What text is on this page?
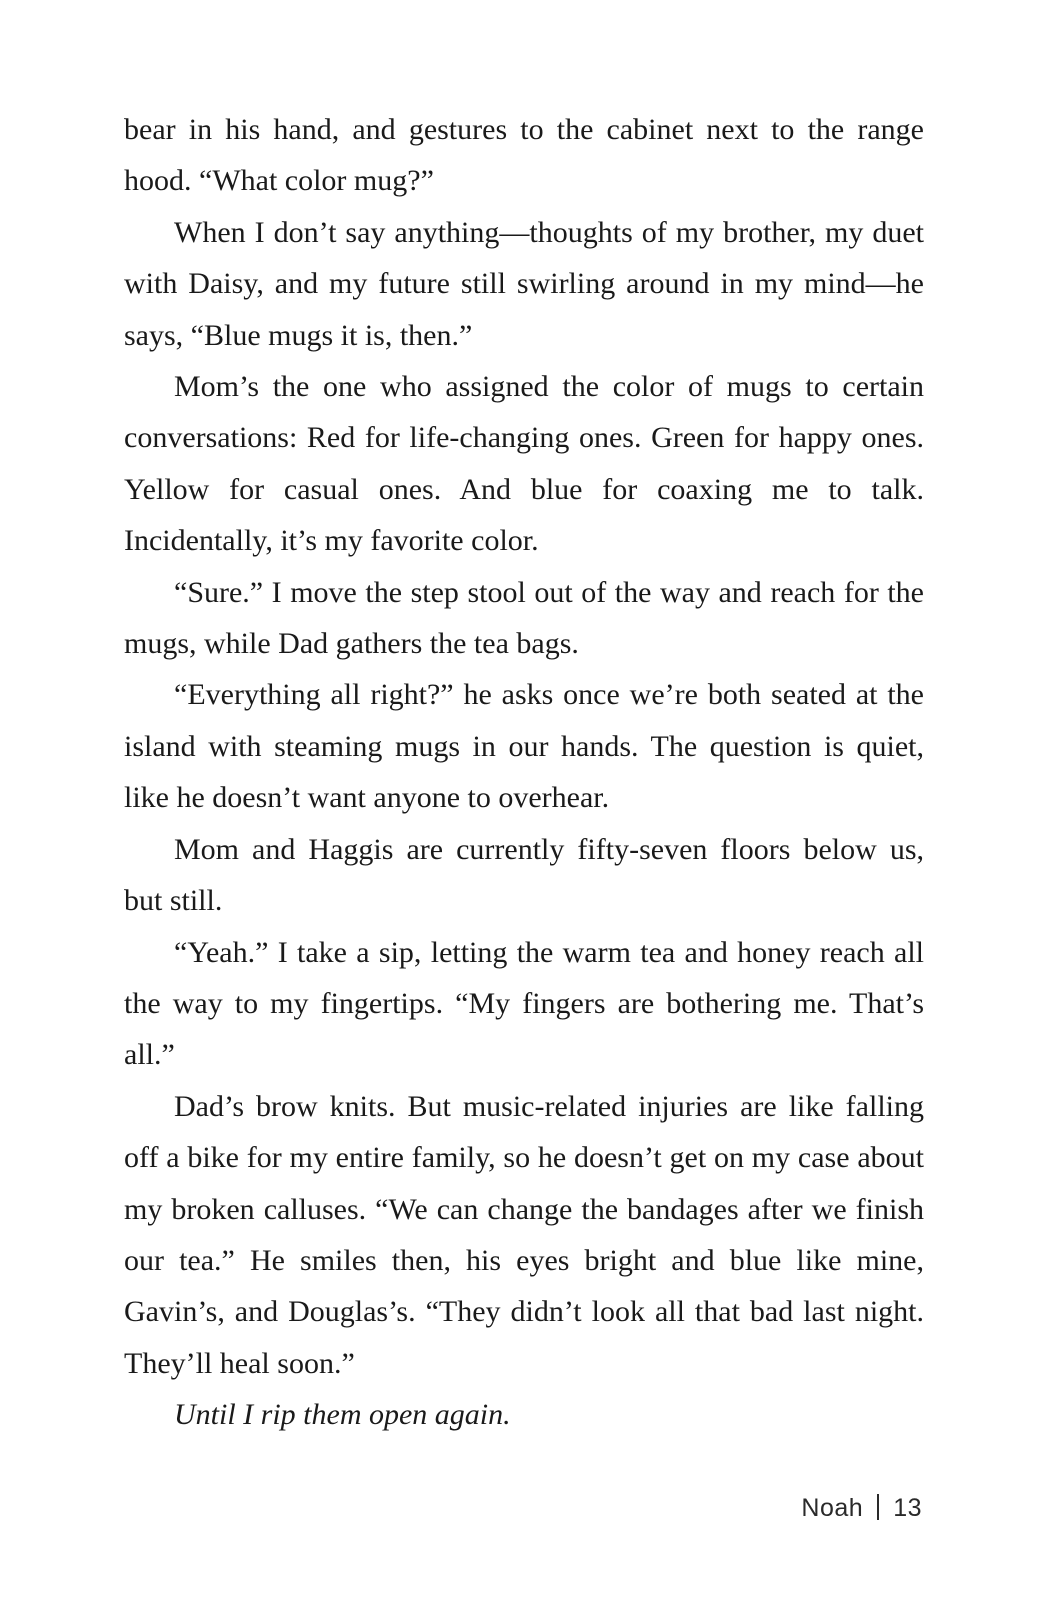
bear in his hand, and gestures to the cabinet next to the range hood. “What color mug?”

When I don’t say anything—thoughts of my brother, my duet with Daisy, and my future still swirling around in my mind—he says, “Blue mugs it is, then.”

Mom’s the one who assigned the color of mugs to certain conversations: Red for life-changing ones. Green for happy ones. Yellow for casual ones. And blue for coaxing me to talk. Incidentally, it’s my favorite color.

“Sure.” I move the step stool out of the way and reach for the mugs, while Dad gathers the tea bags.

“Everything all right?” he asks once we’re both seated at the island with steaming mugs in our hands. The question is quiet, like he doesn’t want anyone to overhear.

Mom and Haggis are currently fifty-seven floors below us, but still.

“Yeah.” I take a sip, letting the warm tea and honey reach all the way to my fingertips. “My fingers are bothering me. That’s all.”

Dad’s brow knits. But music-related injuries are like falling off a bike for my entire family, so he doesn’t get on my case about my broken calluses. “We can change the bandages after we finish our tea.” He smiles then, his eyes bright and blue like mine, Gavin’s, and Douglas’s. “They didn’t look all that bad last night. They’ll heal soon.”

Until I rip them open again.

Noah 13
